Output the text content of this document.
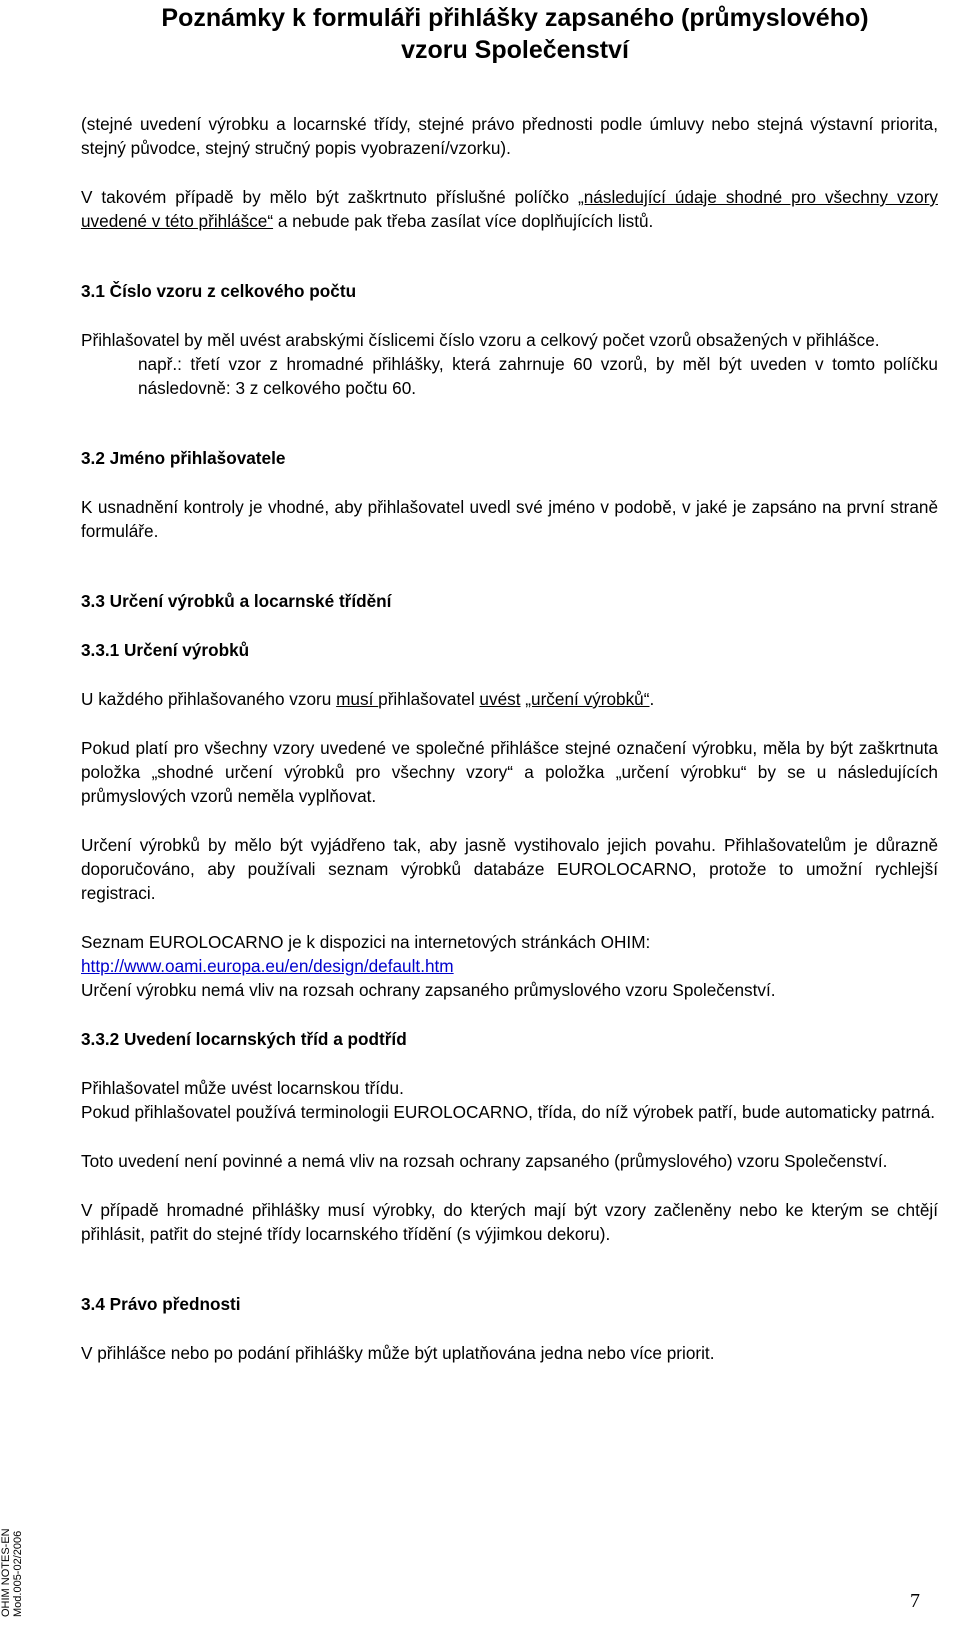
Poznámky k formuláři přihlášky zapsaného (průmyslového)
vzoru Společenství

(stejné uvedení výrobku a locarnské třídy, stejné právo přednosti podle úmluvy nebo stejná výstavní priorita, stejný původce, stejný stručný popis vyobrazení/vzorku).

V takovém případě by mělo být zaškrtnuto příslušné políčko „následující údaje shodné pro všechny vzory uvedené v této přihlášce“ a nebude pak třeba zasílat více doplňujících listů.

3.1 Číslo vzoru z celkového počtu

Přihlašovatel by měl uvést arabskými číslicemi číslo vzoru a celkový počet vzorů obsažených v přihlášce.

např.: třetí vzor z hromadné přihlášky, která zahrnuje 60 vzorů, by měl být uveden v tomto políčku následovně: 3 z celkového počtu 60.

3.2 Jméno přihlašovatele

K usnadnění kontroly je vhodné, aby přihlašovatel uvedl své jméno v podobě, v jaké je zapsáno na první straně formuláře.

3.3 Určení výrobků a locarnské třídění
3.3.1 Určení výrobků

U každého přihlašovaného vzoru musí přihlašovatel uvést „určení výrobků“.

Pokud platí pro všechny vzory uvedené ve společné přihlášce stejné označení výrobku, měla by být zaškrtnuta položka „shodné určení výrobků pro všechny vzory“ a položka „určení výrobku“ by se u následujících průmyslových vzorů neměla vyplňovat.

Určení výrobků by mělo být vyjádřeno tak, aby jasně vystihovalo jejich povahu. Přihlašovatelům je důrazně doporučováno, aby používali seznam výrobků databáze EUROLOCARNO, protože to umožní rychlejší registraci.

Seznam EUROLOCARNO je k dispozici na internetových stránkách OHIM:

http://www.oami.europa.eu/en/design/default.htm

Určení výrobku nemá vliv na rozsah ochrany zapsaného průmyslového vzoru Společenství.

3.3.2 Uvedení locarnských tříd a podtříd

Přihlašovatel může uvést locarnskou třídu.

Pokud přihlašovatel používá terminologii EUROLOCARNO, třída, do níž výrobek patří, bude automaticky patrná.

Toto uvedení není povinné a nemá vliv na rozsah ochrany zapsaného (průmyslového) vzoru Společenství.

V případě hromadné přihlášky musí výrobky, do kterých mají být vzory začleněny nebo ke kterým se chtějí přihlásit, patřit do stejné třídy locarnského třídění (s výjimkou dekoru).

3.4 Právo přednosti

V přihlášce nebo po podání přihlášky může být uplatňována jedna nebo více priorit.

OHIM NOTES-EN Mod.005-02/2006	7
